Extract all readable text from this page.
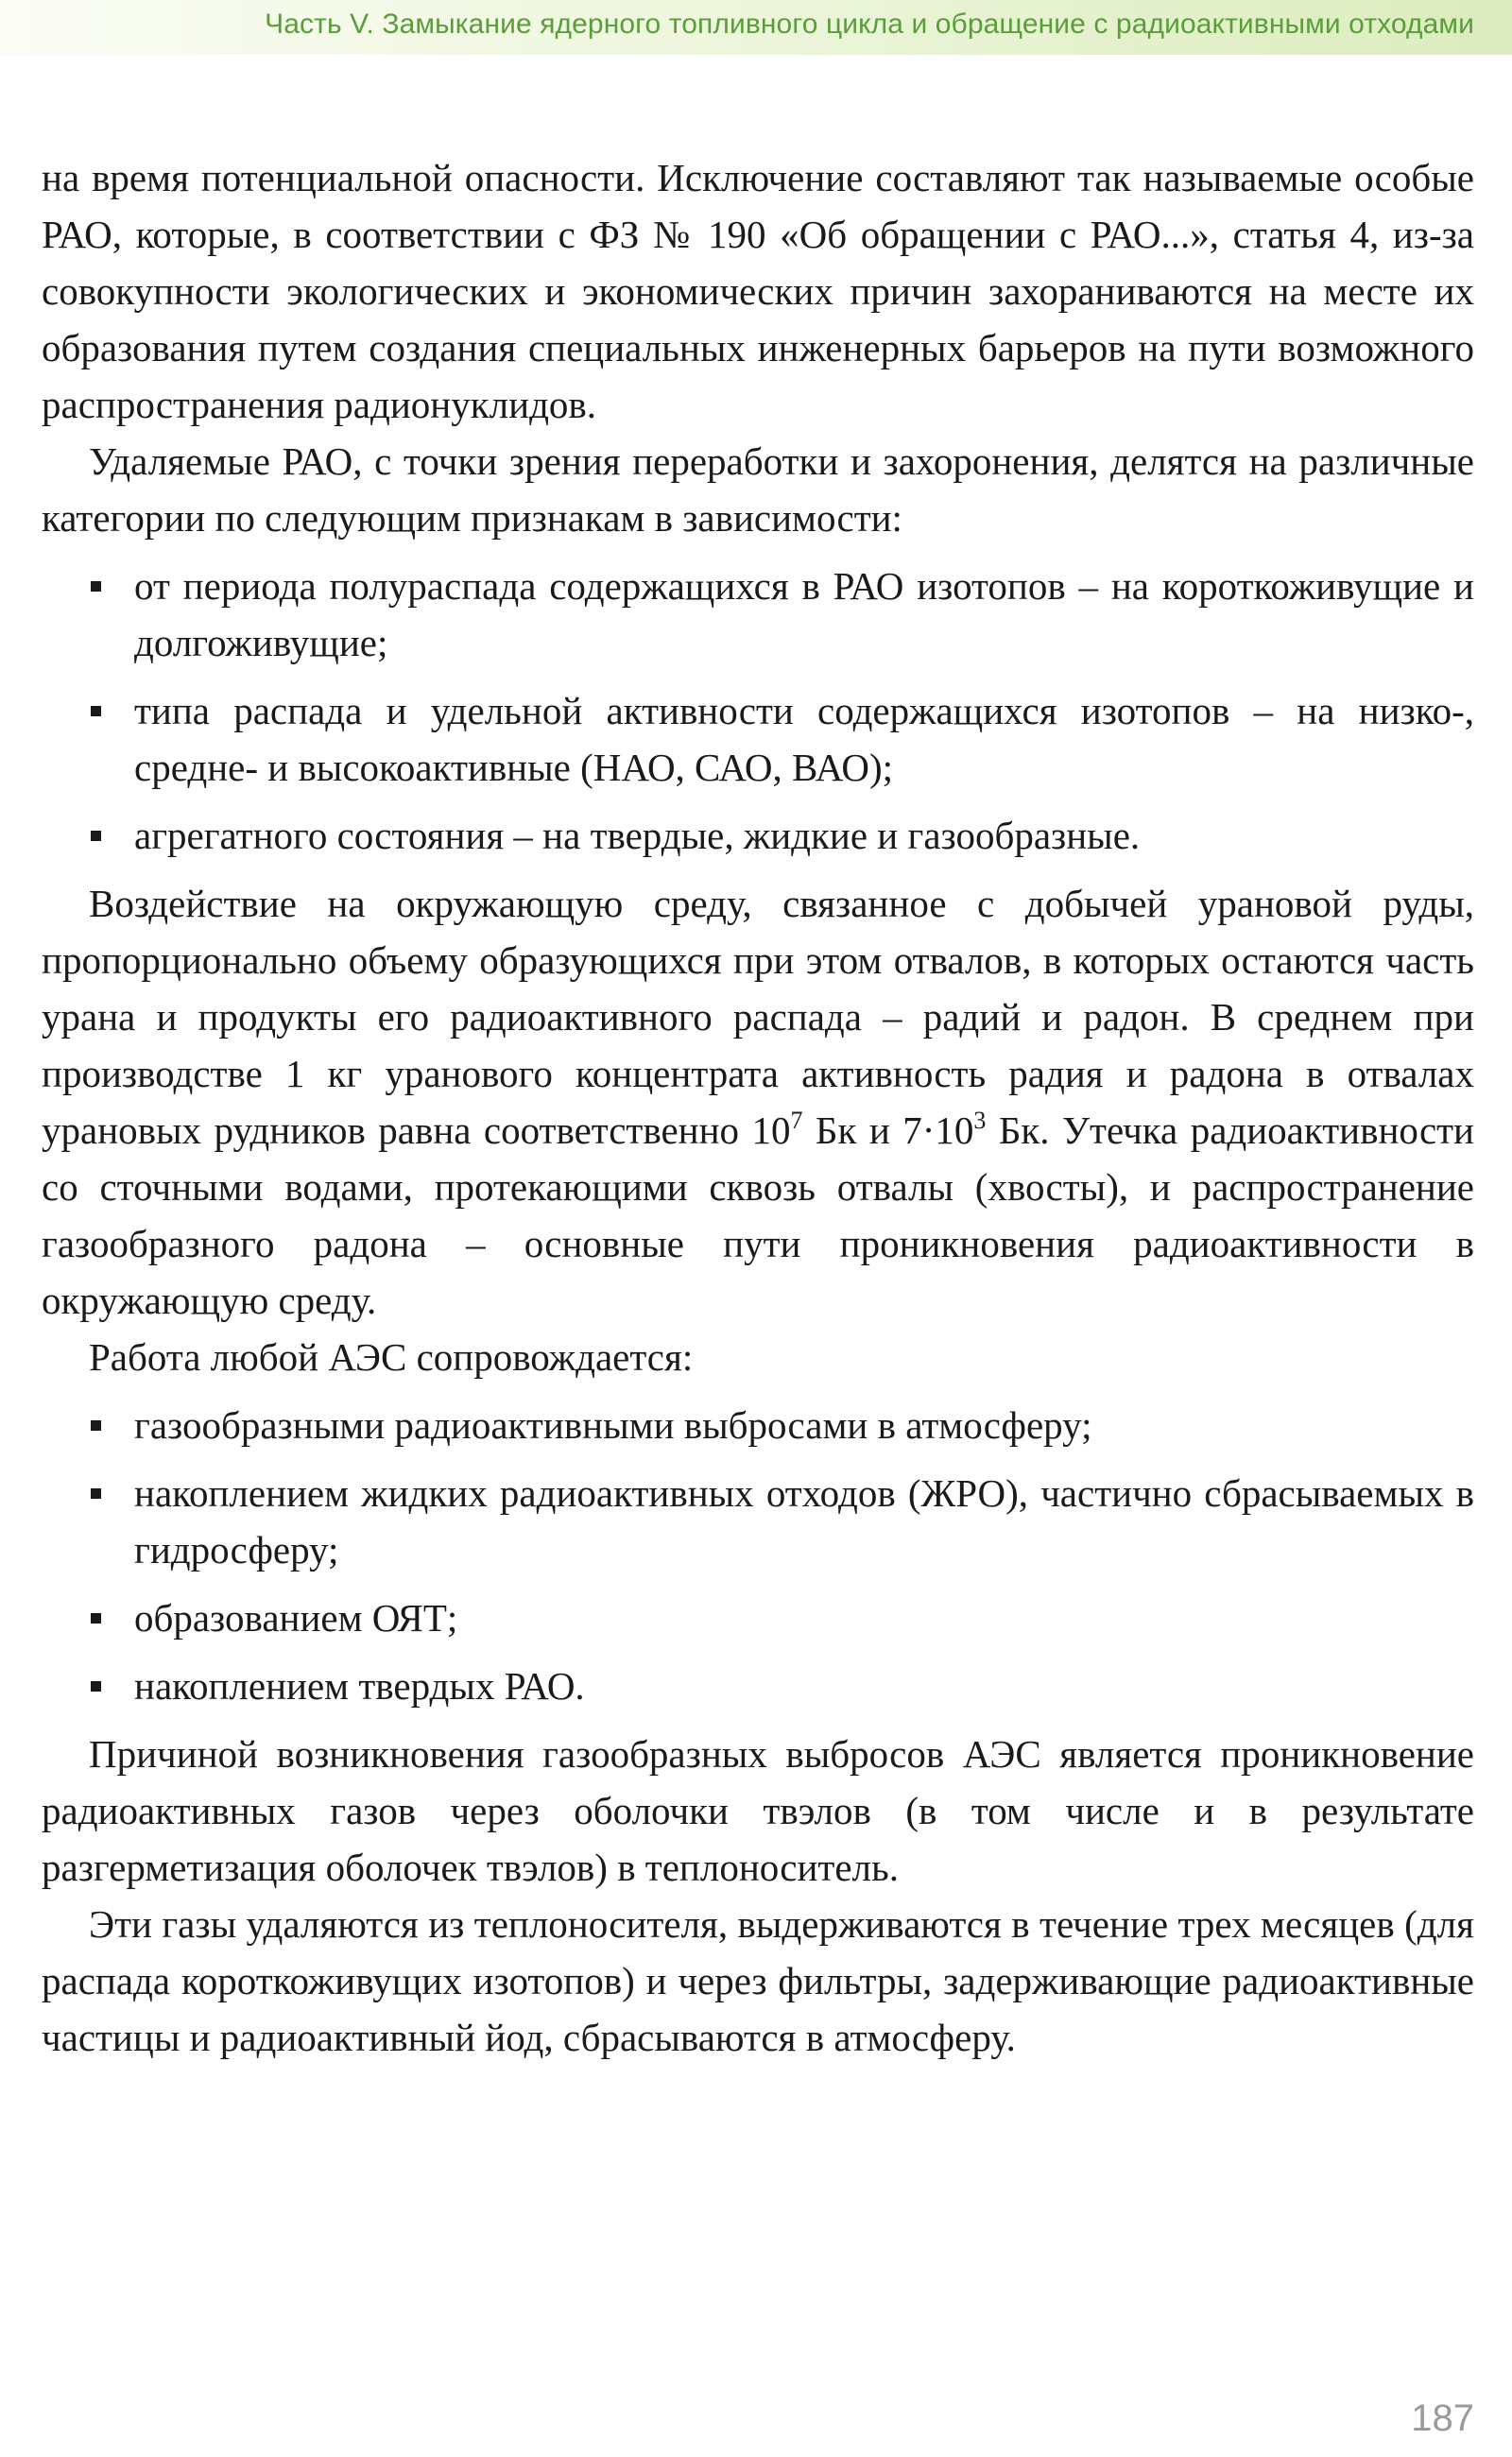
Часть V. Замыкание ядерного топливного цикла и обращение с радиоактивными отходами

на время потенциальной опасности. Исключение составляют так называемые особые РАО, которые, в соответствии с ФЗ № 190 «Об обращении с РАО...», статья 4, из-за совокупности экологических и экономических причин захораниваются на месте их образования путем создания специальных инженерных барьеров на пути возможного распространения радионуклидов.

Удаляемые РАО, с точки зрения переработки и захоронения, делятся на различные категории по следующим признакам в зависимости:

от периода полураспада содержащихся в РАО изотопов – на короткоживущие и долгоживущие;
типа распада и удельной активности содержащихся изотопов – на низко-, средне- и высокоактивные (НАО, САО, ВАО);
агрегатного состояния – на твердые, жидкие и газообразные.

Воздействие на окружающую среду, связанное с добычей урановой руды, пропорционально объему образующихся при этом отвалов, в которых остаются часть урана и продукты его радиоактивного распада – радий и радон. В среднем при производстве 1 кг уранового концентрата активность радия и радона в отвалах урановых рудников равна соответственно $10^7$ Бк и $7\cdot 10^3$ Бк. Утечка радиоактивности со сточными водами, протекающими сквозь отвалы (хвосты), и распространение газообразного радона – основные пути проникновения радиоактивности в окружающую среду.

Работа любой АЭС сопровождается:

газообразными радиоактивными выбросами в атмосферу;
накоплением жидких радиоактивных отходов (ЖРО), частично сбрасываемых в гидросферу;
образованием ОЯТ;
накоплением твердых РАО.

Причиной возникновения газообразных выбросов АЭС является проникновение радиоактивных газов через оболочки твэлов (в том числе и в результате разгерметизация оболочек твэлов) в теплоноситель.

Эти газы удаляются из теплоносителя, выдерживаются в течение трех месяцев (для распада короткоживущих изотопов) и через фильтры, задерживающие радиоактивные частицы и радиоактивный йод, сбрасываются в атмосферу.

187
